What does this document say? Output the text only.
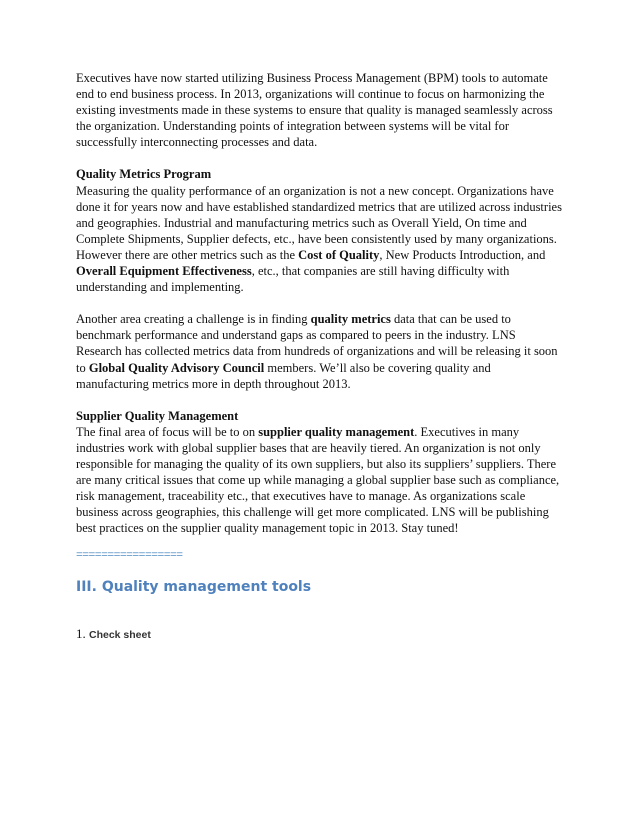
Executives have now started utilizing Business Process Management (BPM) tools to automate end to end business process. In 2013, organizations will continue to focus on harmonizing the existing investments made in these systems to ensure that quality is managed seamlessly across the organization. Understanding points of integration between systems will be vital for successfully interconnecting processes and data.

Quality Metrics Program
Measuring the quality performance of an organization is not a new concept. Organizations have done it for years now and have established standardized metrics that are utilized across industries and geographies. Industrial and manufacturing metrics such as Overall Yield, On time and Complete Shipments, Supplier defects, etc., have been consistently used by many organizations. However there are other metrics such as the Cost of Quality, New Products Introduction, and Overall Equipment Effectiveness, etc., that companies are still having difficulty with understanding and implementing.

Another area creating a challenge is in finding quality metrics data that can be used to benchmark performance and understand gaps as compared to peers in the industry. LNS Research has collected metrics data from hundreds of organizations and will be releasing it soon to Global Quality Advisory Council members. We’ll also be covering quality and manufacturing metrics more in depth throughout 2013.

Supplier Quality Management
The final area of focus will be to on supplier quality management. Executives in many industries work with global supplier bases that are heavily tiered. An organization is not only responsible for managing the quality of its own suppliers, but also its suppliers’ suppliers. There are many critical issues that come up while managing a global supplier base such as compliance, risk management, traceability etc., that executives have to manage. As organizations scale business across geographies, this challenge will get more complicated. LNS will be publishing best practices on the supplier quality management topic in 2013. Stay tuned!

=================
III. Quality management tools
1. Check sheet
